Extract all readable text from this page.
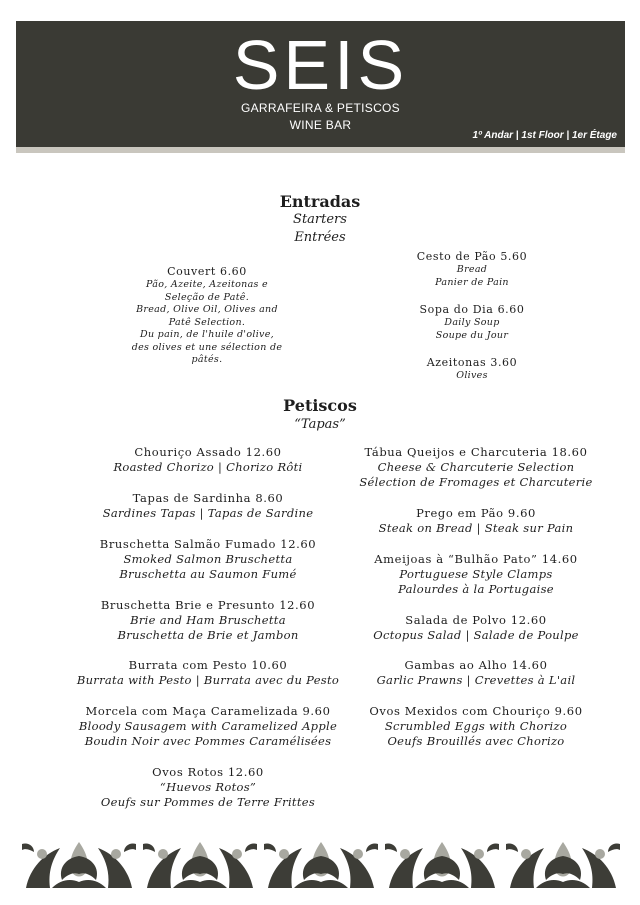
SEIS
GARRAFEIRA & PETISCOS
WINE BAR
1º Andar | 1st Floor | 1er Étage
Entradas
Starters
Entrées
Couvert 6.60
Pão, Azeite, Azeitonas e
Seleção de Patê.
Bread, Olive Oil, Olives and
Patê Selection.
Du pain, de l'huile d'olive,
des olives et une sélection de
pâtés.
Cesto de Pão 5.60
Bread
Panier de Pain
Sopa do Dia 6.60
Daily Soup
Soupe du Jour
Azeitonas 3.60
Olives
Petiscos
“Tapas”
Chouriço Assado 12.60
Roasted Chorizo | Chorizo Rôti
Tapas de Sardinha 8.60
Sardines Tapas | Tapas de Sardine
Bruschetta Salmão Fumado 12.60
Smoked Salmon Bruschetta
Bruschetta au Saumon Fumé
Bruschetta Brie e Presunto 12.60
Brie and Ham Bruschetta
Bruschetta de Brie et Jambon
Burrata com Pesto 10.60
Burrata with Pesto | Burrata avec du Pesto
Morcela com Maça Caramelizada 9.60
Bloody Sausagem with Caramelized Apple
Boudin Noir avec Pommes Caramélisées
Ovos Rotos 12.60
“Huevos Rotos”
Oeufs sur Pommes de Terre Frittes
Tábua Queijos e Charcuteria 18.60
Cheese & Charcuterie Selection
Sélection de Fromages et Charcuterie
Prego em Pão 9.60
Steak on Bread | Steak sur Pain
Ameijoas à “Bulhão Pato” 14.60
Portuguese Style Clamps
Palourdes à la Portugaise
Salada de Polvo 12.60
Octopus Salad | Salade de Poulpe
Gambas ao Alho 14.60
Garlic Prawns | Crevettes à L'ail
Ovos Mexidos com Chouriço 9.60
Scrumbled Eggs with Chorizo
Oeufs Brouillés avec Chorizo
